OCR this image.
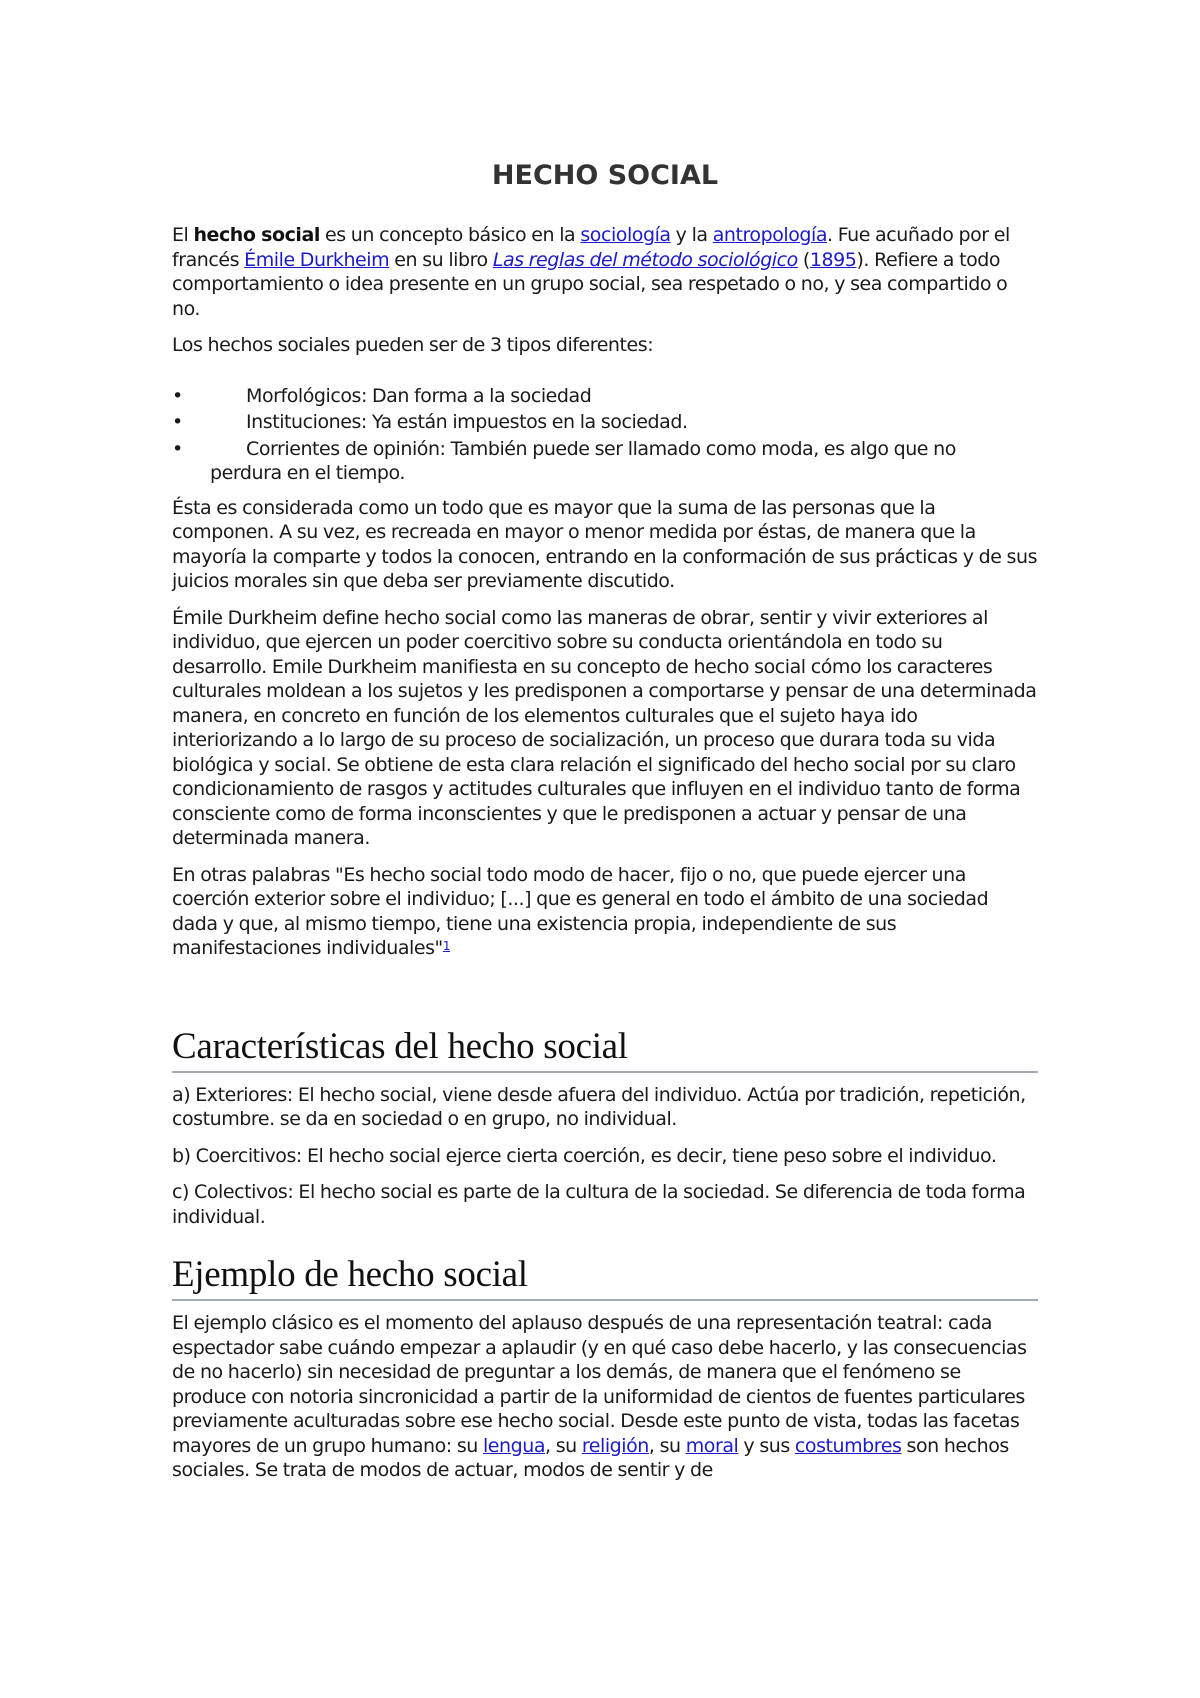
HECHO SOCIAL

El hecho social es un concepto básico en la sociología y la antropología. Fue acuñado por el francés Émile Durkheim en su libro Las reglas del método sociológico (1895). Refiere a todo comportamiento o idea presente en un grupo social, sea respetado o no, y sea compartido o no.

Los hechos sociales pueden ser de 3 tipos diferentes:

•	Morfológicos: Dan forma a la sociedad
•	Instituciones: Ya están impuestos en la sociedad.
•	Corrientes de opinión: También puede ser llamado como moda, es algo que no
perdura en el tiempo.

Ésta es considerada como un todo que es mayor que la suma de las personas que la componen. A su vez, es recreada en mayor o menor medida por éstas, de manera que la mayoría la comparte y todos la conocen, entrando en la conformación de sus prácticas y de sus juicios morales sin que deba ser previamente discutido.

Émile Durkheim define hecho social como las maneras de obrar, sentir y vivir exteriores al individuo, que ejercen un poder coercitivo sobre su conducta orientándola en todo su desarrollo. Emile Durkheim manifiesta en su concepto de hecho social cómo los caracteres culturales moldean a los sujetos y les predisponen a comportarse y pensar de una determinada manera, en concreto en función de los elementos culturales que el sujeto haya ido interiorizando a lo largo de su proceso de socialización, un proceso que durara toda su vida biológica y social. Se obtiene de esta clara relación el significado del hecho social por su claro condicionamiento de rasgos y actitudes culturales que influyen en el individuo tanto de forma consciente como de forma inconscientes y que le predisponen a actuar y pensar de una determinada manera.

En otras palabras "Es hecho social todo modo de hacer, fijo o no, que puede ejercer una coerción exterior sobre el individuo; [...] que es general en todo el ámbito de una sociedad dada y que, al mismo tiempo, tiene una existencia propia, independiente de sus manifestaciones individuales"$^1$

Características del hecho social

a) Exteriores: El hecho social, viene desde afuera del individuo. Actúa por tradición, repetición, costumbre. se da en sociedad o en grupo, no individual.

b) Coercitivos: El hecho social ejerce cierta coerción, es decir, tiene peso sobre el individuo.

c) Colectivos: El hecho social es parte de la cultura de la sociedad. Se diferencia de toda forma individual.

Ejemplo de hecho social

El ejemplo clásico es el momento del aplauso después de una representación teatral: cada espectador sabe cuándo empezar a aplaudir (y en qué caso debe hacerlo, y las consecuencias de no hacerlo) sin necesidad de preguntar a los demás, de manera que el fenómeno se produce con notoria sincronicidad a partir de la uniformidad de cientos de fuentes particulares previamente aculturadas sobre ese hecho social. Desde este punto de vista, todas las facetas mayores de un grupo humano: su lengua, su religión, su moral y sus costumbres son hechos sociales. Se trata de modos de actuar, modos de sentir y de
